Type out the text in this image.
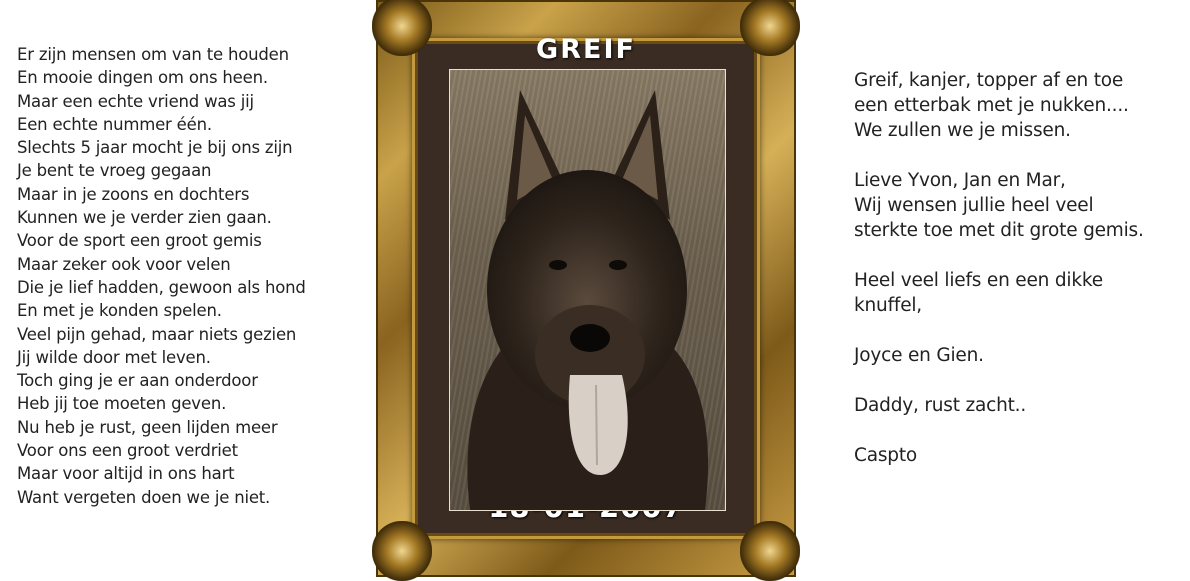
Er zijn mensen om van te houden
En mooie dingen om ons heen.
Maar een echte vriend was jij
Een echte nummer één.
Slechts 5 jaar mocht je bij ons zijn
Je bent te vroeg gegaan
Maar in je zoons en dochters
Kunnen we je verder zien gaan.
Voor de sport een groot gemis
Maar zeker ook voor velen
Die je lief hadden, gewoon als hond
En met je konden spelen.
Veel pijn gehad, maar niets gezien
Jij wilde door met leven.
Toch ging je er aan onderdoor
Heb jij toe moeten geven.
Nu heb je rust, geen lijden meer
Voor ons een groot verdriet
Maar voor altijd in ons hart
Want vergeten doen we je niet.
GREIF
Greif, kanjer, topper af en toe
een etterbak met je nukken....
We zullen we je missen.
Lieve Yvon, Jan en Mar,
Wij wensen jullie heel veel
sterkte toe met dit grote gemis.
Heel veel liefs en een dikke
knuffel,
Joyce en Gien.
Daddy, rust zacht..
Caspto
